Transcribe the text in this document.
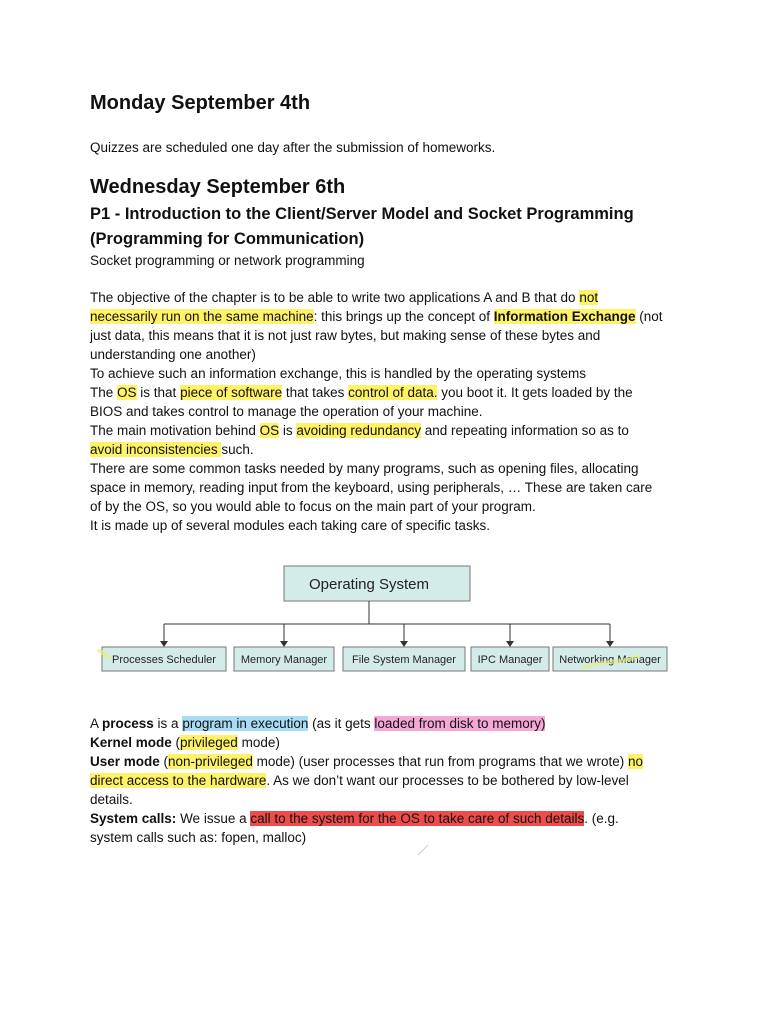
Monday September 4th
Quizzes are scheduled one day after the submission of homeworks.
Wednesday September 6th
P1 - Introduction to the Client/Server Model and Socket Programming
(Programming for Communication)
Socket programming or network programming
The objective of the chapter is to be able to write two applications A and B that do not
necessarily run on the same machine: this brings up the concept of Information Exchange (not
just data, this means that it is not just raw bytes, but making sense of these bytes and
understanding one another)
To achieve such an information exchange, this is handled by the operating systems
The OS is that piece of software that takes control of data. you boot it. It gets loaded by the
BIOS and takes control to manage the operation of your machine.
The main motivation behind OS is avoiding redundancy and repeating information so as to
avoid inconsistencies such.
There are some common tasks needed by many programs, such as opening files, allocating
space in memory, reading input from the keyboard, using peripherals, … These are taken care
of by the OS, so you would able to focus on the main part of your program.
It is made up of several modules each taking care of specific tasks.
Operating System
Processes Scheduler Memory Manager File System Manager IPC Manager Networking Manager
A process is a program in execution (as it gets loaded from disk to memory)
Kernel mode (privileged mode)
User mode (non-privileged mode) (user processes that run from programs that we wrote) no
direct access to the hardware. As we don’t want our processes to be bothered by low-level
details.
System calls: We issue a call to the system for the OS to take care of such details. (e.g.
system calls such as: fopen, malloc)
